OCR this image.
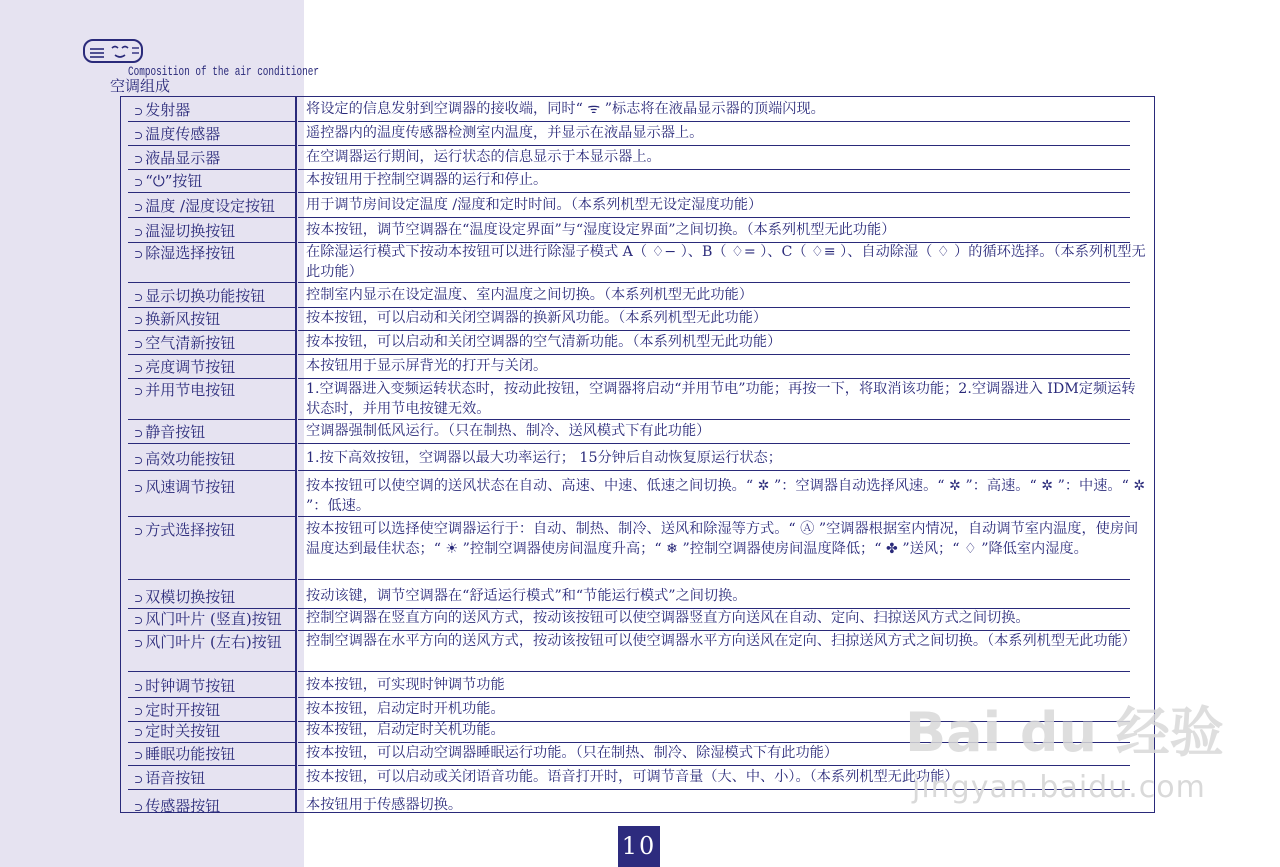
Composition of the air conditioner
空调组成
⊃ 发射器	将设定的信息发射到空调器的接收端，同时“ ᯤ ”标志将在液晶显示器的顶端闪现。
⊃ 温度传感器	遥控器内的温度传感器检测室内温度，并显示在液晶显示器上。
⊃ 液晶显示器	在空调器运行期间，运行状态的信息显示于本显示器上。
⊃ “⏻”按钮	本按钮用于控制空调器的运行和停止。
⊃ 温度 /湿度设定按钮 用于调节房间设定温度 /湿度和定时时间。（本系列机型无设定湿度功能）
⊃ 温湿切换按钮	按本按钮，调节空调器在“温度设定界面”与“湿度设定界面”之间切换。（本系列机型无此功能）
⊃ 除湿选择按钮	在除湿运行模式下按动本按钮可以进行除湿子模式 A（ ♢− ）、B（ ♢= ）、C（ ♢≡ ）、自动除湿（ ♢ ）的循环选择。（本系列机型无此功能）
⊃ 显示切换功能按钮	控制室内显示在设定温度、室内温度之间切换。（本系列机型无此功能）
⊃ 换新风按钮	按本按钮，可以启动和关闭空调器的换新风功能。（本系列机型无此功能）
⊃ 空气清新按钮	按本按钮，可以启动和关闭空调器的空气清新功能。（本系列机型无此功能）
⊃ 亮度调节按钮	本按钮用于显示屏背光的打开与关闭。
⊃ 并用节电按钮	1.空调器进入变频运转状态时，按动此按钮，空调器将启动“并用节电”功能；再按一下，将取消该功能；2.空调器进入 IDM定频运转状态时，并用节电按键无效。
⊃ 静音按钮	空调器强制低风运行。（只在制热、制冷、送风模式下有此功能）
⊃ 高效功能按钮	1.按下高效按钮，空调器以最大功率运行； 15分钟后自动恢复原运行状态；
⊃ 风速调节按钮	按本按钮可以使空调的送风状态在自动、高速、中速、低速之间切换。“ ✲ ”：空调器自动选择风速。“ ✲ ”：高速。“ ✲ ”：中速。“ ✲ ”：低速。
⊃ 方式选择按钮	按本按钮可以选择使空调器运行于：自动、制热、制冷、送风和除湿等方式。“ Ⓐ ”空调器根据室内情况，自动调节室内温度，使房间温度达到最佳状态；“ ☀ ”控制空调器使房间温度升高；“ ❄ ”控制空调器使房间温度降低；“ ✤ ”送风；“ ♢ ”降低室内湿度。
⊃ 双模切换按钮	按动该键，调节空调器在“舒适运行模式”和“节能运行模式”之间切换。
⊃ 风门叶片 (竖直)按钮 控制空调器在竖直方向的送风方式，按动该按钮可以使空调器竖直方向送风在自动、定向、扫掠送风方式之间切换。
⊃ 风门叶片 (左右)按钮 控制空调器在水平方向的送风方式，按动该按钮可以使空调器水平方向送风在定向、扫掠送风方式之间切换。（本系列机型无此功能）
⊃ 时钟调节按钮	按本按钮，可实现时钟调节功能
⊃ 定时开按钮	按本按钮，启动定时开机功能。
⊃ 定时关按钮	按本按钮，启动定时关机功能。
⊃ 睡眠功能按钮	按本按钮，可以启动空调器睡眠运行功能。（只在制热、制冷、除湿模式下有此功能）
⊃ 语音按钮	按本按钮，可以启动或关闭语音功能。语音打开时，可调节音量（大、中、小）。（本系列机型无此功能）
⊃ 传感器按钮	本按钮用于传感器切换。
10
Bai du 经验
jingyan.baidu.com
